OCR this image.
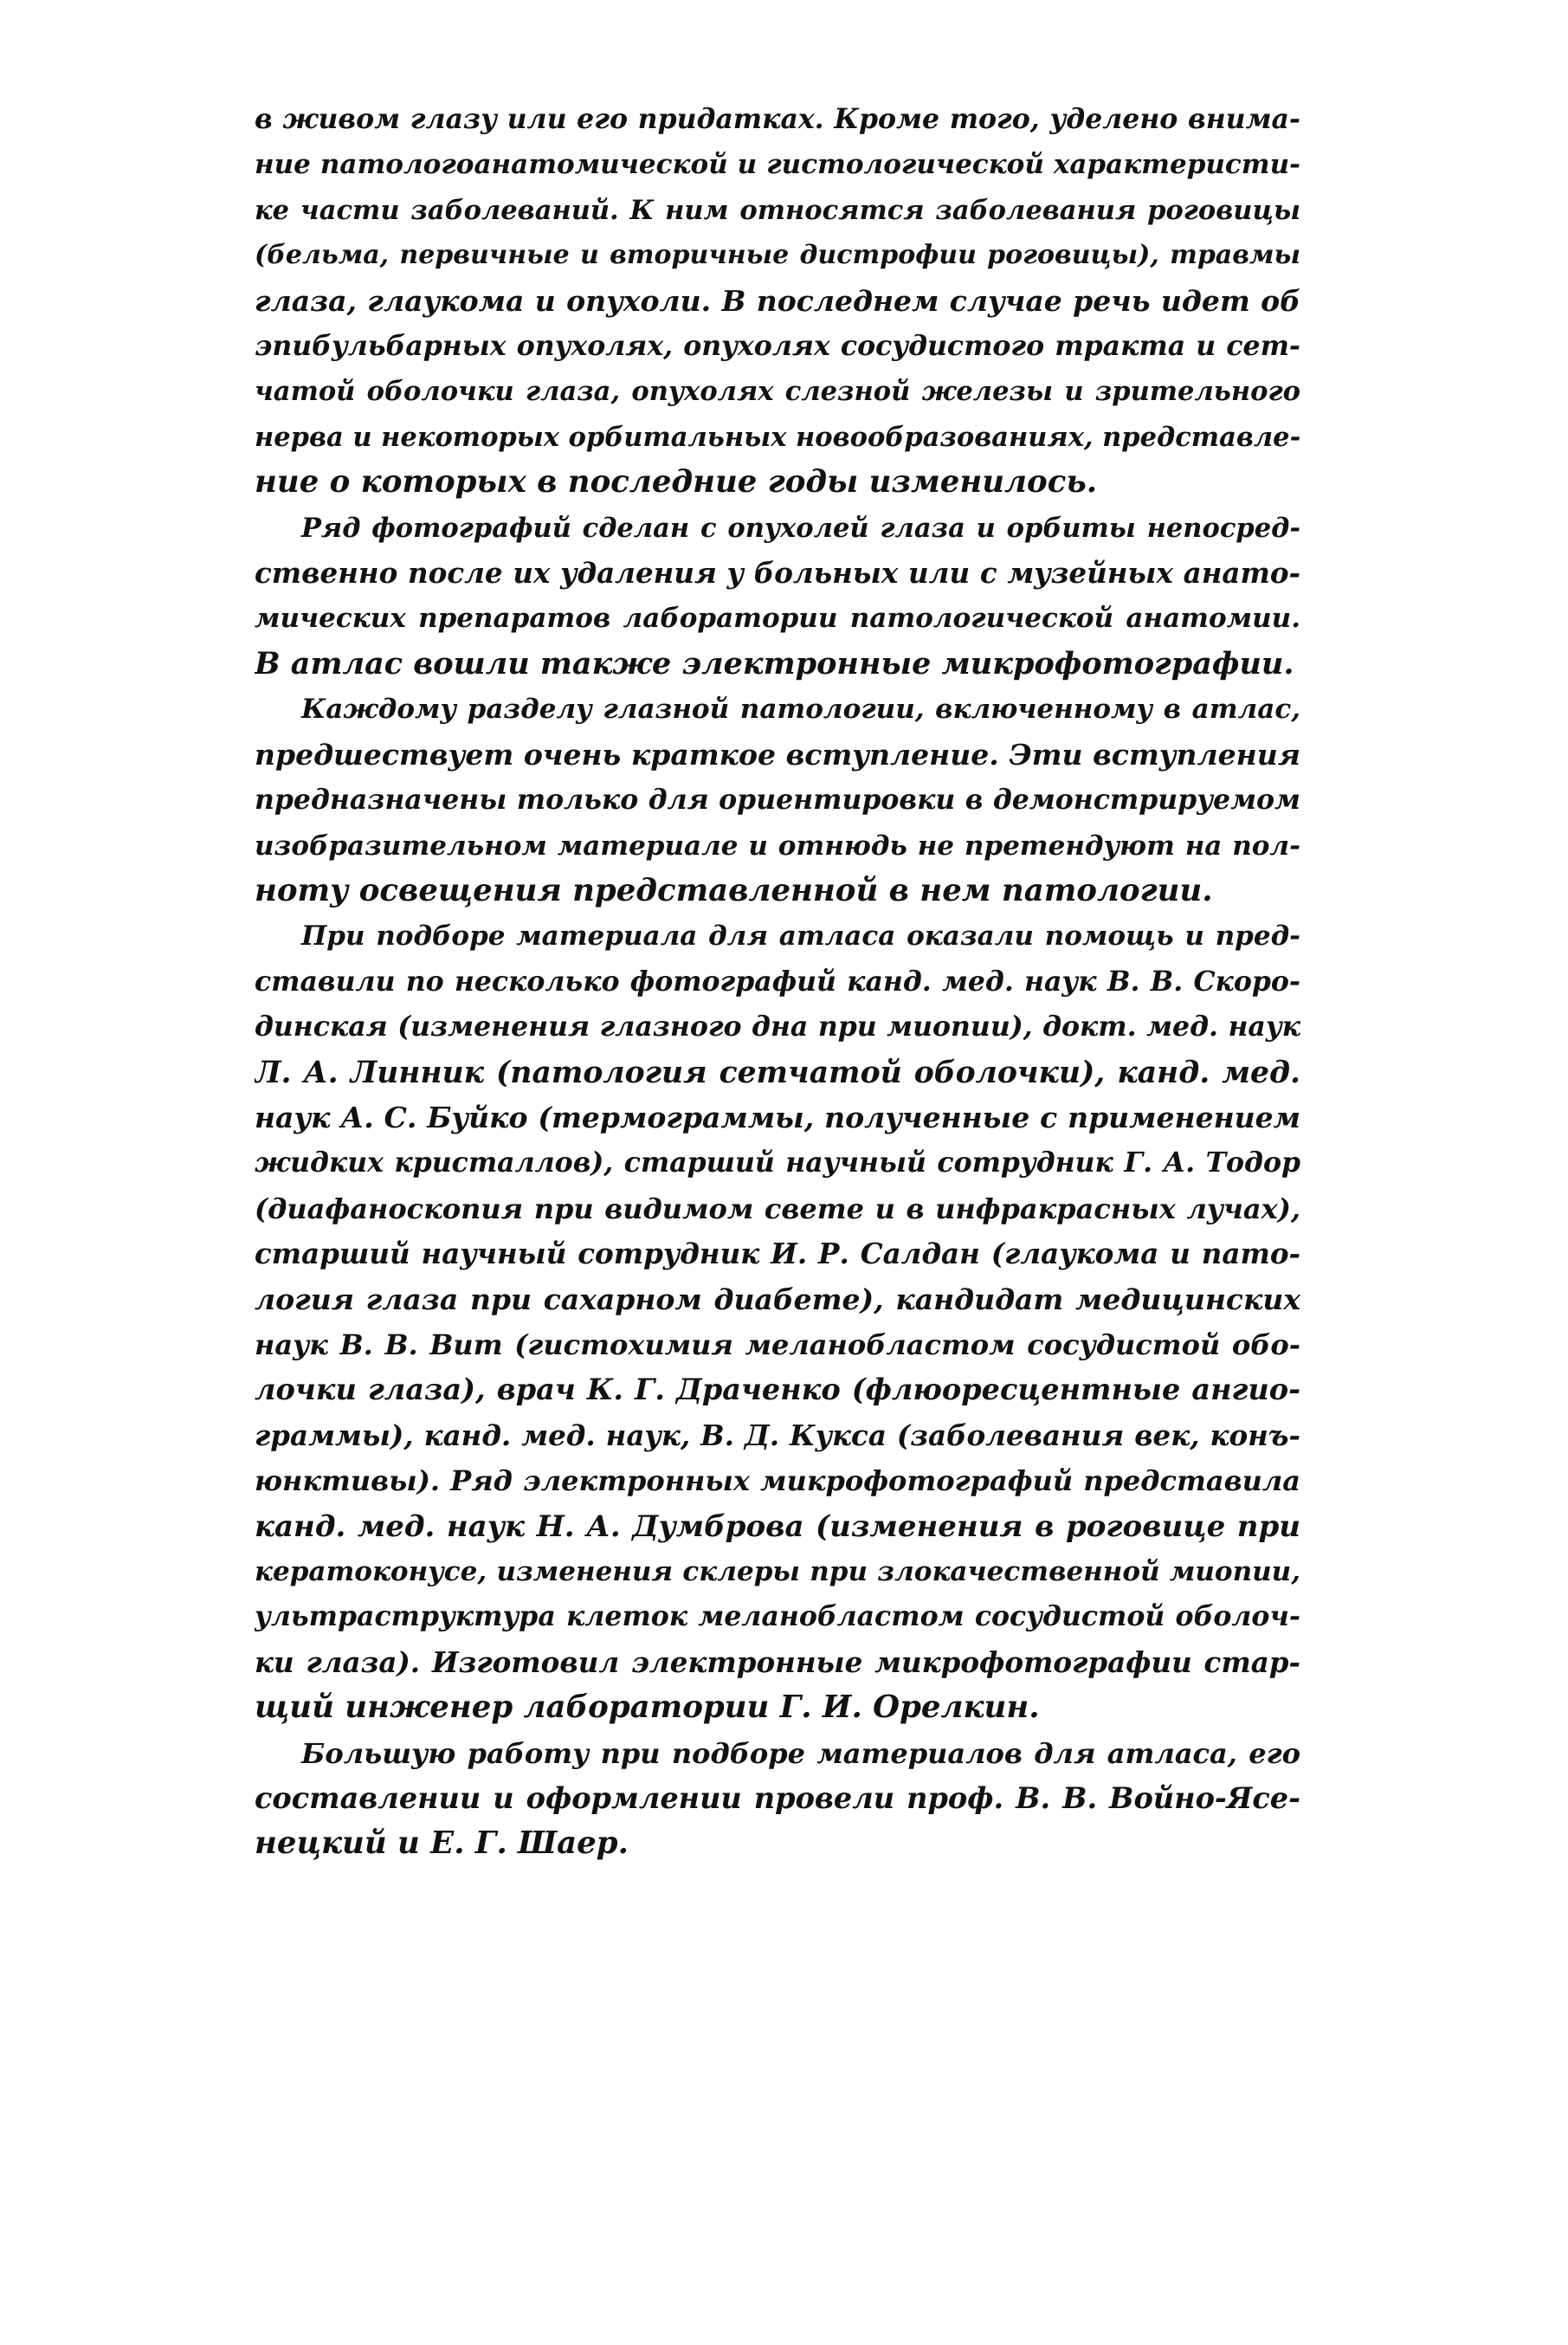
в живом глазу или его придатках. Кроме того, уделено внима-
ние патологоанатомической и гистологической характеристи-
ке части заболеваний. К ним относятся заболевания роговицы
(бельма, первичные и вторичные дистрофии роговицы), травмы
глаза, глаукома и опухоли. В последнем случае речь идет об
эпибульбарных опухолях, опухолях сосудистого тракта и сет-
чатой оболочки глаза, опухолях слезной железы и зрительного
нерва и некоторых орбитальных новообразованиях, представле-
ние о которых в последние годы изменилось.
Ряд фотографий сделан с опухолей глаза и орбиты непосред-
ственно после их удаления у больных или с музейных анато-
мических препаратов лаборатории патологической анатомии.
В атлас вошли также электронные микрофотографии.
Каждому разделу глазной патологии, включенному в атлас,
предшествует очень краткое вступление. Эти вступления
предназначены только для ориентировки в демонстрируемом
изобразительном материале и отнюдь не претендуют на пол-
ноту освещения представленной в нем патологии.
При подборе материала для атласа оказали помощь и пред-
ставили по несколько фотографий канд. мед. наук В. В. Скоро-
динская (изменения глазного дна при миопии), докт. мед. наук
Л. А. Линник (патология сетчатой оболочки), канд. мед.
наук А. С. Буйко (термограммы, полученные с применением
жидких кристаллов), старший научный сотрудник Г. А. Тодор
(диафаноскопия при видимом свете и в инфракрасных лучах),
старший научный сотрудник И. Р. Салдан (глаукома и пато-
логия глаза при сахарном диабете), кандидат медицинских
наук В. В. Вит (гистохимия меланобластом сосудистой обо-
лочки глаза), врач К. Г. Драченко (флюоресцентные ангио-
граммы), канд. мед. наук, В. Д. Кукса (заболевания век, конъ-
юнктивы). Ряд электронных микрофотографий представила
канд. мед. наук Н. А. Думброва (изменения в роговице при
кератоконусе, изменения склеры при злокачественной миопии,
ультраструктура клеток меланобластом сосудистой оболоч-
ки глаза). Изготовил электронные микрофотографии стар-
щий инженер лаборатории Г. И. Орелкин.
Большую работу при подборе материалов для атласа, его
составлении и оформлении провели проф. В. В. Войно-Ясе-
нецкий и Е. Г. Шаер.
